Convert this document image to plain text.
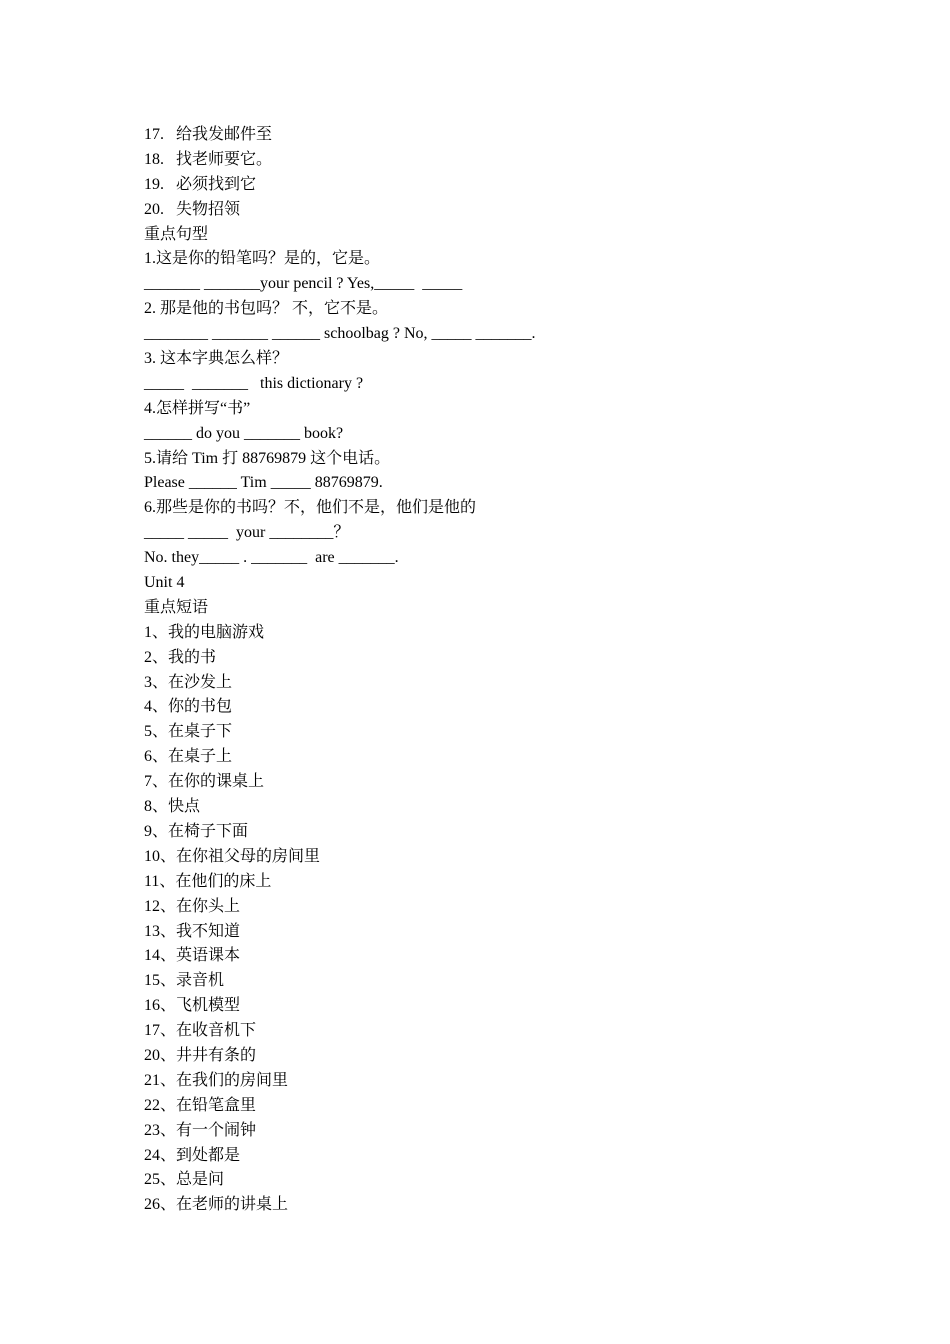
17.   给我发邮件至
18.   找老师要它。
19.   必须找到它
20.   失物招领
重点句型
1.这是你的铅笔吗？是的，它是。
_______ _______your pencil ? Yes,_____  _____
2. 那是他的书包吗？ 不，它不是。
________ _______ ______ schoolbag ? No, _____ _______.
3. 这本字典怎么样？
_____  _______   this dictionary ?
4.怎样拼写“书”
______ do you _______ book?
5.请给 Tim 打 88769879 这个电话。
Please ______ Tim _____ 88769879.
6.那些是你的书吗？不，他们不是，他们是他的
_____ _____  your ________？
No. they_____ . _______  are _______.
Unit 4
重点短语
1、我的电脑游戏
2、我的书
3、在沙发上
4、你的书包
5、在桌子下
6、在桌子上
7、在你的课桌上
8、快点
9、在椅子下面
10、在你祖父母的房间里
11、在他们的床上
12、在你头上
13、我不知道
14、英语课本
15、录音机
16、飞机模型
17、在收音机下
20、井井有条的
21、在我们的房间里
22、在铅笔盒里
23、有一个闹钟
24、到处都是
25、总是问
26、在老师的讲桌上
